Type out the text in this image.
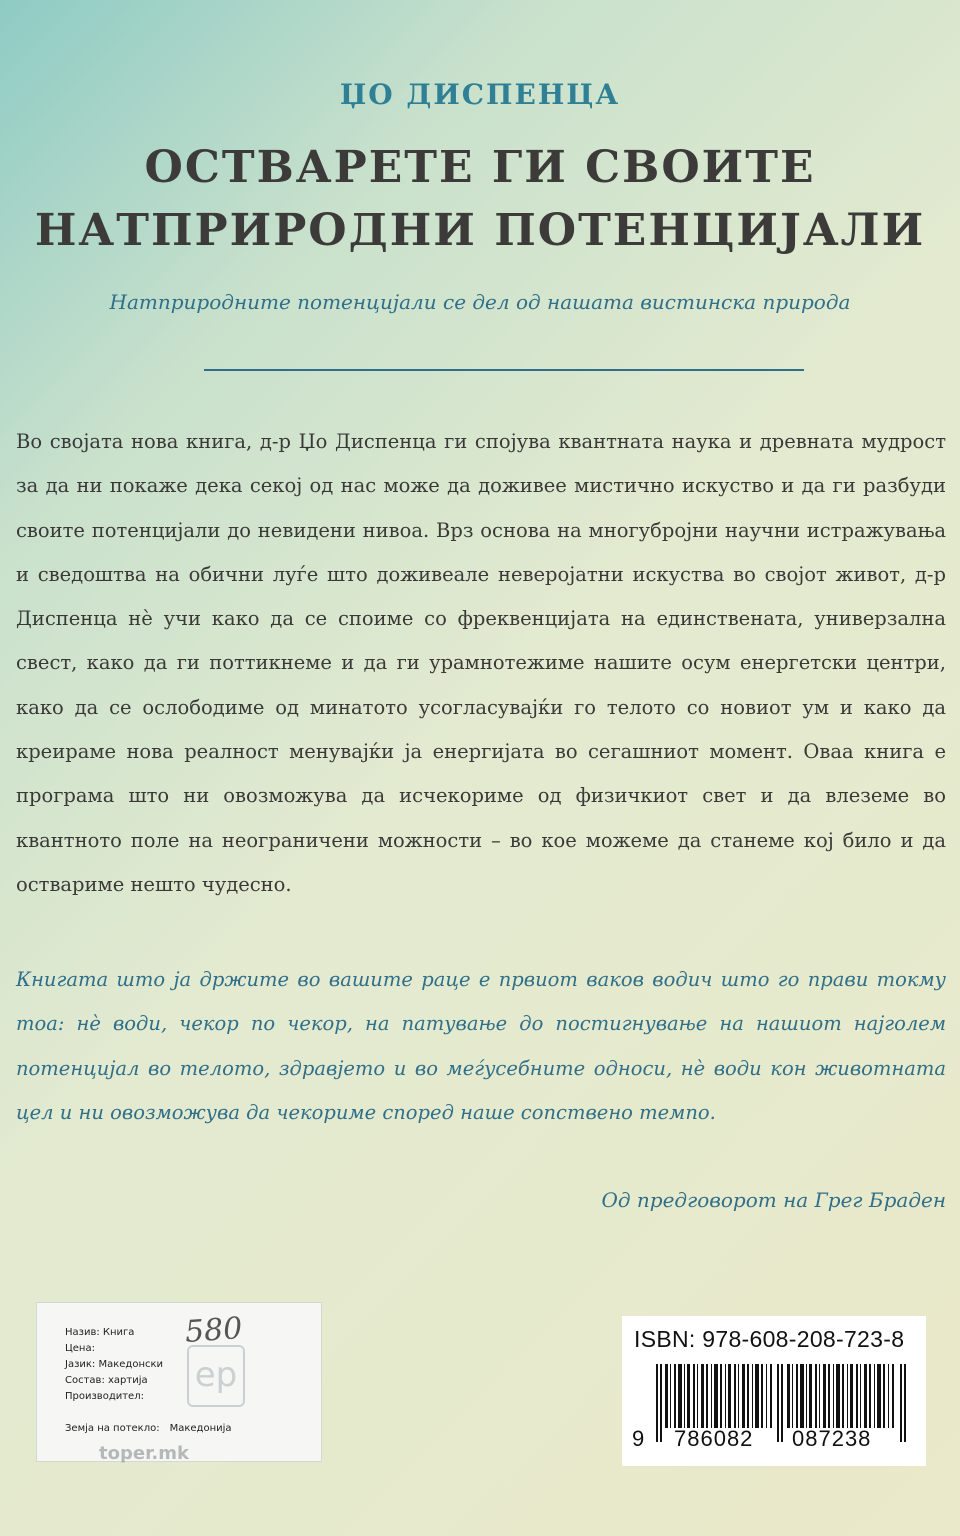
ЏО ДИСПЕНЦА
ОСТВАРЕТЕ ГИ СВОИТЕ
НАТПРИРОДНИ ПОТЕНЦИЈАЛИ
Натприродните потенцијали се дел од нашата вистинска природа
Во својата нова книга, д-р Џо Диспенца ги спојува квантната наука и древната мудрост за да ни покаже дека секој од нас може да доживее мистично искуство и да ги разбуди своите потенцијали до невидени нивоа. Врз основа на многубројни научни истражувања и сведоштва на обични луѓе што доживеале неверојатни искуства во својот живот, д-р Диспенца нè учи како да се споиме со фреквенцијата на единствената, универзална свест, како да ги поттикнеме и да ги урамнотежиме нашите осум енергетски центри, како да се ослободиме од минатото усогласувајќи го телото со новиот ум и како да креираме нова реалност менувајќи ја енергијата во сегашниот момент. Оваа книга е програма што ни овозможува да исчекориме од физичкиот свет и да влеземе во квантното поле на неограничени можности – во кое можеме да станеме кој било и да оствариме нешто чудесно.
Книгата што ја држите во вашите раце е првиот ваков водич што го прави токму тоа: нè води, чекор по чекор, на патување до постигнување на нашиот најголем потенцијал во телото, здравјето и во меѓусебните односи, нè води кон животната цел и ни овозможува да чекориме според наше сопствено темпо.
Од предговорот на Грег Браден
ep
toper.mk
580
Назив: Книга
Цена:
Јазик: Македонски
Состав: хартија
Производител:
Земја на потекло: Македонија
ISBN: 978-608-208-723-8
9 786082 087238
